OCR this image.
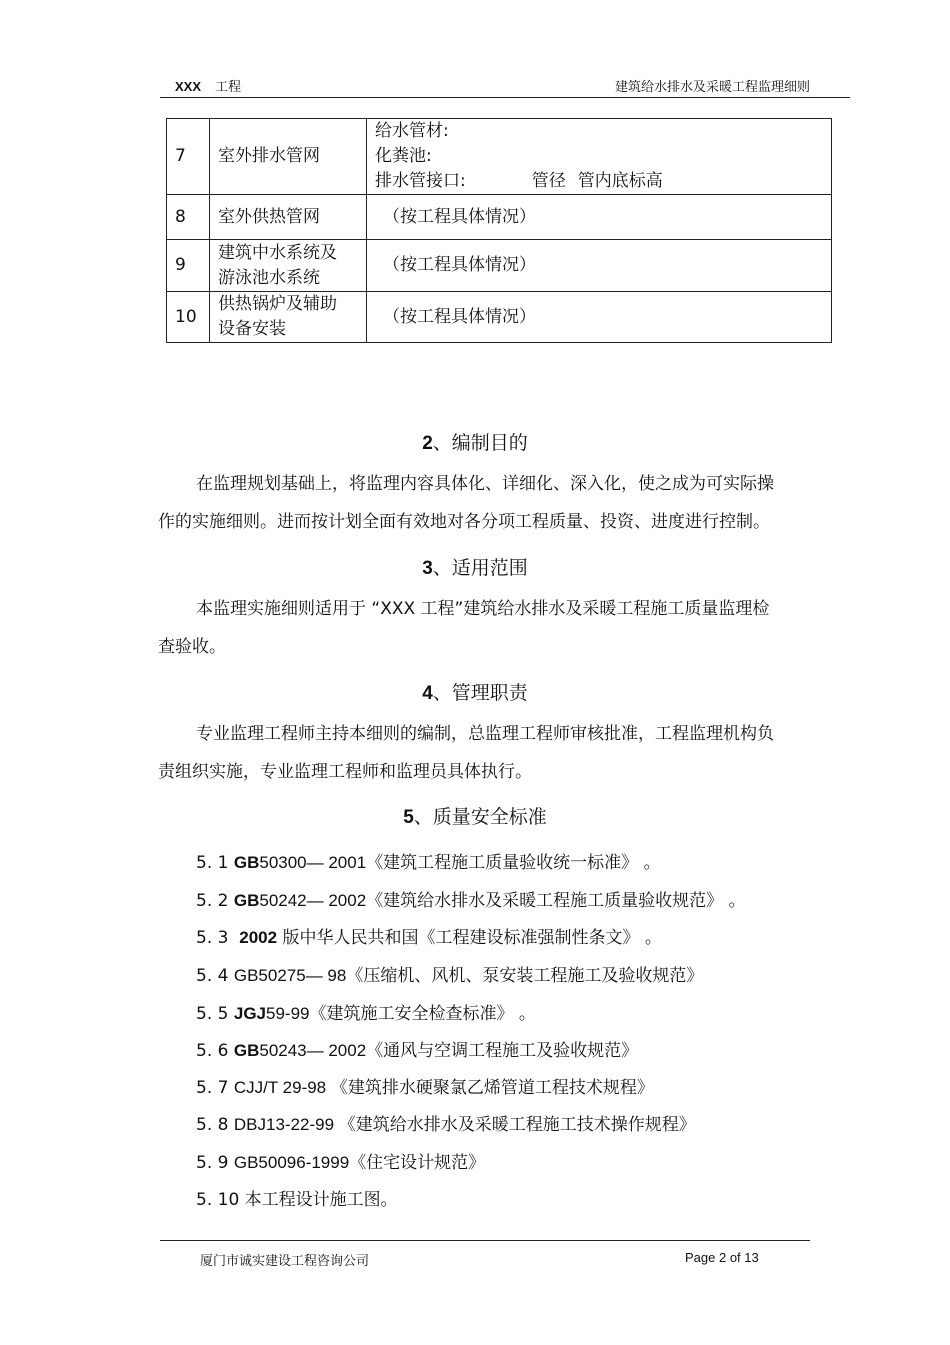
XXX 工程	建筑给水排水及采暖工程监理细则
7	室外排水管网	给水管材:
化粪池:
排水管接口: 管径 管内底标高

8	室外供热管网	（按工程具体情况）
9	建筑中水系统及
游泳池水系统	（按工程具体情况）
10	供热锅炉及辅助
设备安装	（按工程具体情况）
2、编制目的
在监理规划基础上，将监理内容具体化、详细化、深入化，使之成为可实际操
作的实施细则。进而按计划全面有效地对各分项工程质量、投资、进度进行控制。
3、适用范围
本监理实施细则适用于 “XXX 工程”建筑给水排水及采暖工程施工质量监理检
查验收。
4、管理职责
专业监理工程师主持本细则的编制，总监理工程师审核批准，工程监理机构负
责组织实施，专业监理工程师和监理员具体执行。
5、质量安全标准
5. 1 GB50300— 2001《建筑工程施工质量验收统一标准》 。
5. 2 GB50242— 2002《建筑给水排水及采暖工程施工质量验收规范》 。
5. 3 2002 版中华人民共和国《工程建设标准强制性条文》 。
5. 4 GB50275— 98《压缩机、风机、泵安装工程施工及验收规范》
5. 5 JGJ59-99《建筑施工安全检查标准》 。
5. 6 GB50243— 2002《通风与空调工程施工及验收规范》
5. 7 CJJ/T 29-98 《建筑排水硬聚氯乙烯管道工程技术规程》
5. 8 DBJ13-22-99 《建筑给水排水及采暖工程施工技术操作规程》
5. 9 GB50096-1999《住宅设计规范》
5. 10 本工程设计施工图。
厦门市诚实建设工程咨询公司	Page 2 of 13
